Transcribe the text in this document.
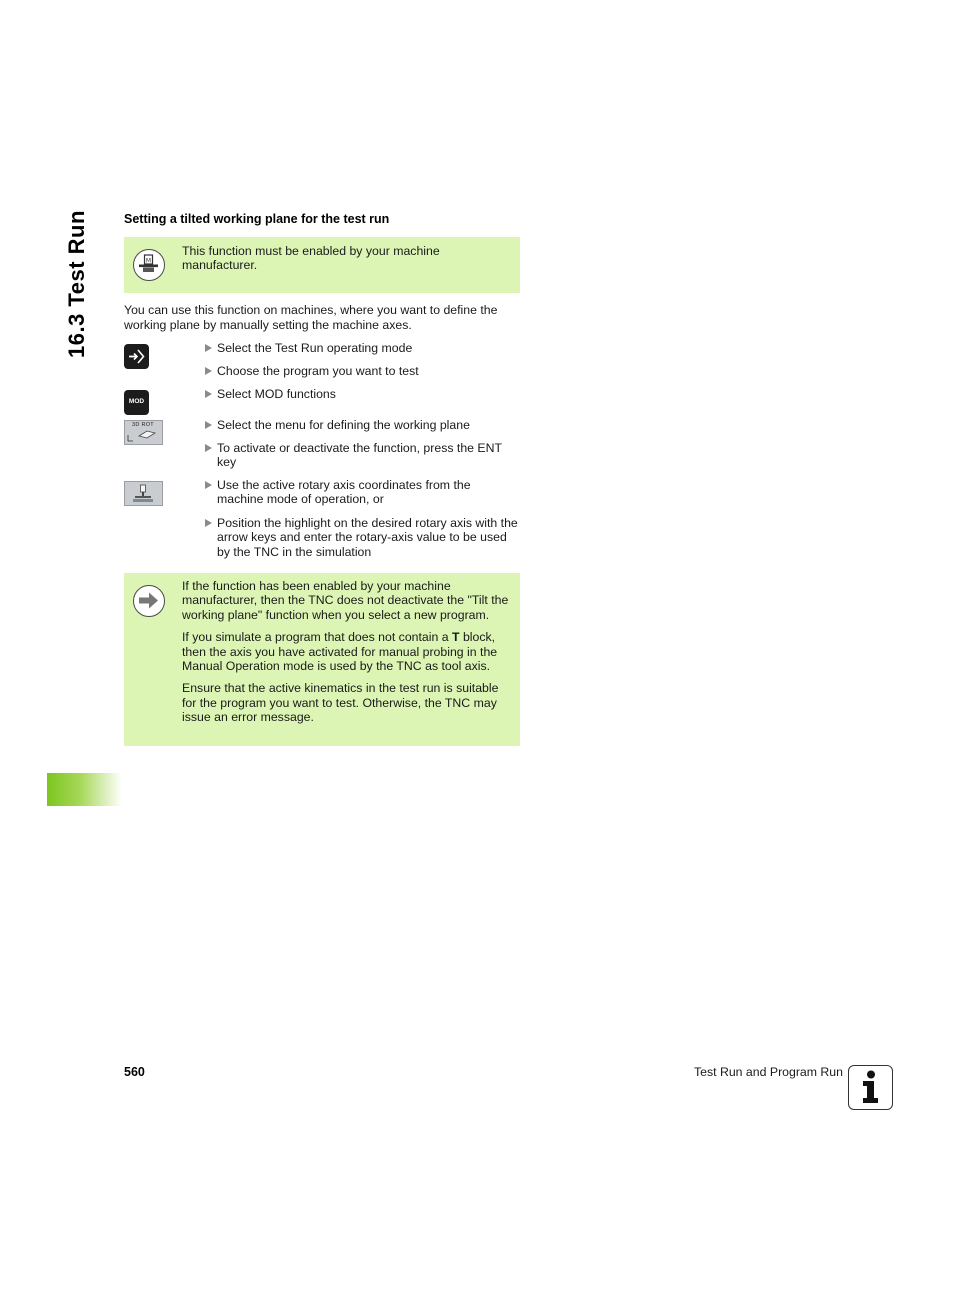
16.3 Test Run	Setting a tilted working plane for the test run
M
This function must be enabled by your machine manufacturer.
You can use this function on machines, where you want to define the working plane by manually setting the machine axes.
MOD
3D ROT
Select the Test Run operating mode
Choose the program you want to test
Select MOD functions
Select the menu for defining the working plane
To activate or deactivate the function, press the ENT key
Use the active rotary axis coordinates from the machine mode of operation, or
Position the highlight on the desired rotary axis with the arrow keys and enter the rotary-axis value to be used by the TNC in the simulation

If the function has been enabled by your machine manufacturer, then the TNC does not deactivate the "Tilt the working plane" function when you select a new program.

If you simulate a program that does not contain a T block, then the axis you have activated for manual probing in the Manual Operation mode is used by the TNC as tool axis.

Ensure that the active kinematics in the test run is suitable for the program you want to test. Otherwise, the TNC may issue an error message.

560	Test Run and Program Run
